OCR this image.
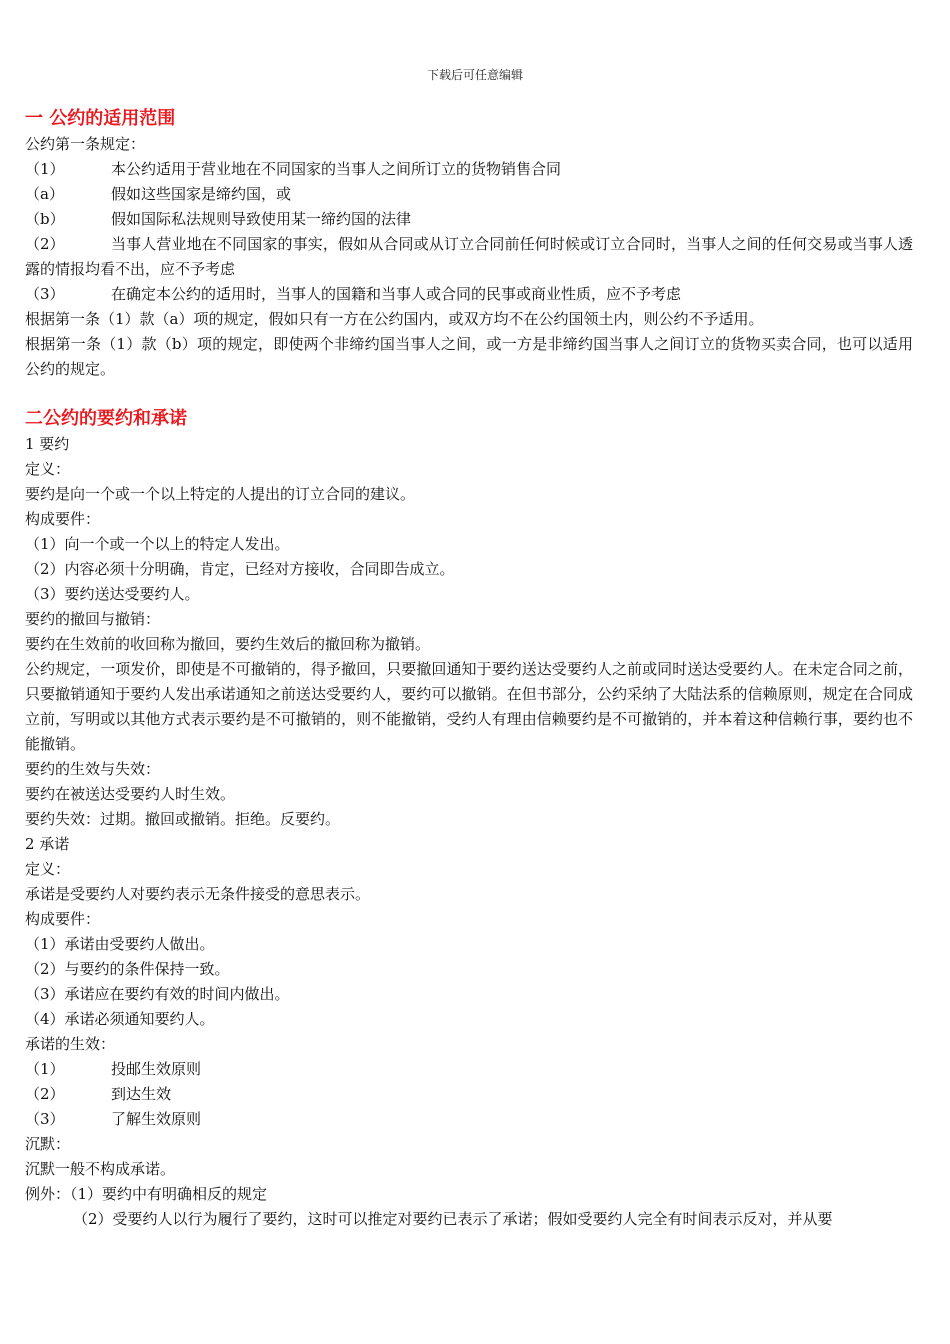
下载后可任意编辑
一 公约的适用范围
公约第一条规定：
（1）	本公约适用于营业地在不同国家的当事人之间所订立的货物销售合同
（a）	假如这些国家是缔约国，或
（b）	假如国际私法规则导致使用某一缔约国的法律
（2）	当事人营业地在不同国家的事实，假如从合同或从订立合同前任何时候或订立合同时，当事人之间的任何交易或当事人透露的情报均看不出，应不予考虑
（3）	在确定本公约的适用时，当事人的国籍和当事人或合同的民事或商业性质，应不予考虑
根据第一条（1）款（a）项的规定，假如只有一方在公约国内，或双方均不在公约国领土内，则公约不予适用。
根据第一条（1）款（b）项的规定，即使两个非缔约国当事人之间，或一方是非缔约国当事人之间订立的货物买卖合同，也可以适用公约的规定。
二公约的要约和承诺
1 要约
定义：
要约是向一个或一个以上特定的人提出的订立合同的建议。
构成要件：
（1）向一个或一个以上的特定人发出。
（2）内容必须十分明确，肯定，已经对方接收，合同即告成立。
（3）要约送达受要约人。
要约的撤回与撤销：
要约在生效前的收回称为撤回，要约生效后的撤回称为撤销。
公约规定，一项发价，即使是不可撤销的，得予撤回，只要撤回通知于要约送达受要约人之前或同时送达受要约人。在未定合同之前，只要撤销通知于要约人发出承诺通知之前送达受要约人，要约可以撤销。在但书部分，公约采纳了大陆法系的信赖原则，规定在合同成立前，写明或以其他方式表示要约是不可撤销的，则不能撤销，受约人有理由信赖要约是不可撤销的，并本着这种信赖行事，要约也不能撤销。
要约的生效与失效：
要约在被送达受要约人时生效。
要约失效：过期。撤回或撤销。拒绝。反要约。
2 承诺
定义：
承诺是受要约人对要约表示无条件接受的意思表示。
构成要件：
（1）承诺由受要约人做出。
（2）与要约的条件保持一致。
（3）承诺应在要约有效的时间内做出。
（4）承诺必须通知要约人。
承诺的生效：
（1）	投邮生效原则
（2）	到达生效
（3）	了解生效原则
沉默：
沉默一般不构成承诺。
例外：（1）要约中有明确相反的规定
（2）受要约人以行为履行了要约，这时可以推定对要约已表示了承诺；假如受要约人完全有时间表示反对，并从要
